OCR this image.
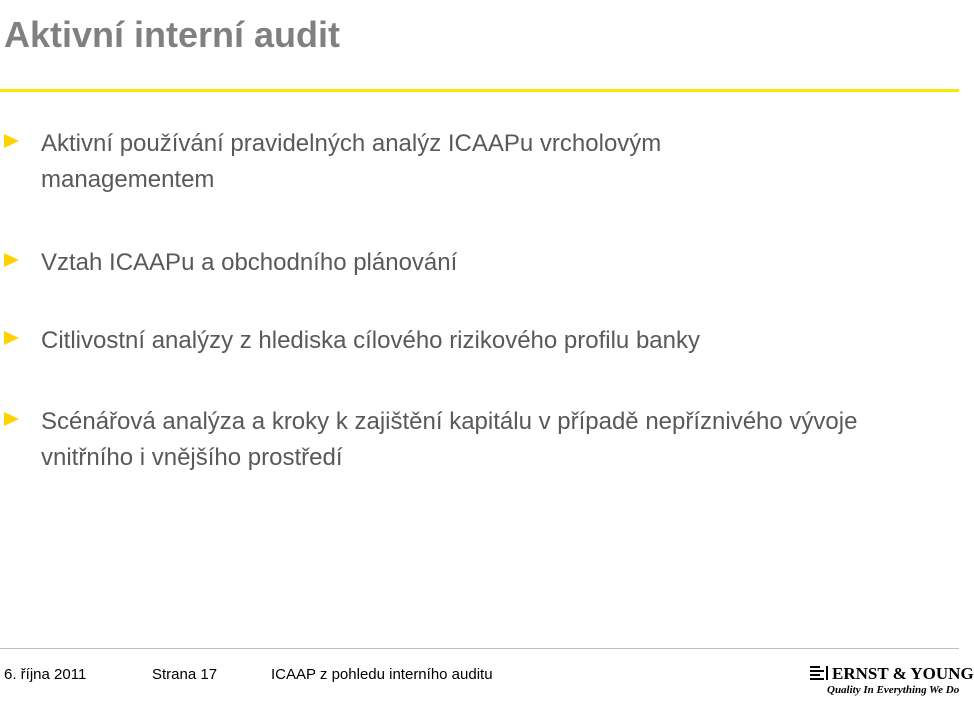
Aktivní interní audit
Aktivní používání pravidelných analýz ICAAPu vrcholovým managementem
Vztah ICAAPu a obchodního plánování
Citlivostní analýzy z hlediska cílového rizikového profilu banky
Scénářová analýza a kroky k zajištění kapitálu v případě nepříznivého vývoje vnitřního i vnějšího prostředí
6. října 2011	Strana 17	ICAAP z pohledu interního auditu	ERNST & YOUNG
Quality In Everything We Do
